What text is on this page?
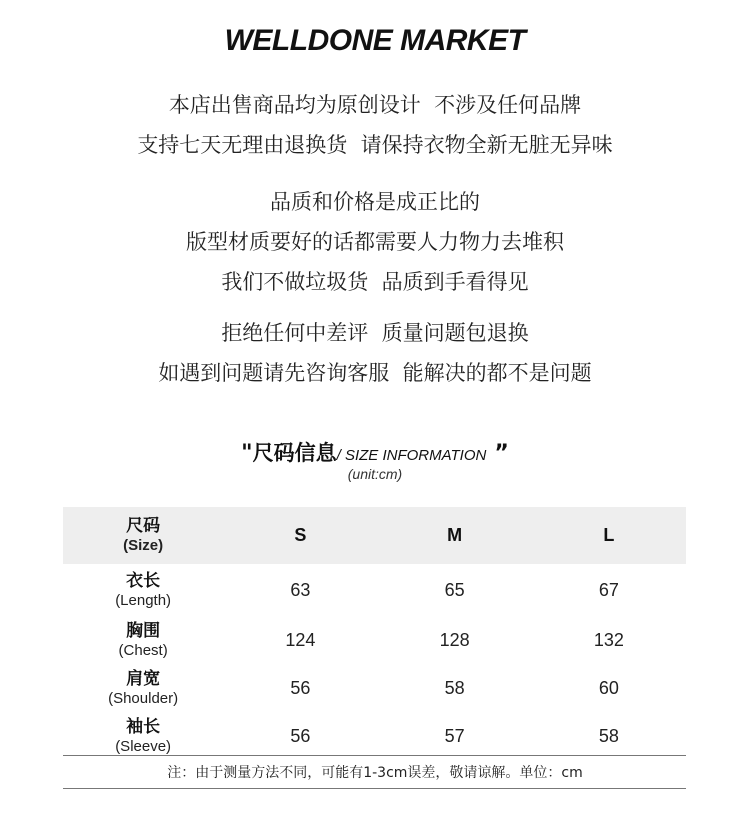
WELLDONE MARKET
本店出售商品均为原创设计  不涉及任何品牌
支持七天无理由退换货  请保持衣物全新无脏无异味
品质和价格是成正比的
版型材质要好的话都需要人力物力去堆积
我们不做垃圾货  品质到手看得见
拒绝任何中差评  质量问题包退换
如遇到问题请先咨询客服  能解决的都不是问题
"尺码信息/ SIZE INFORMATION ”
(unit:cm)
尺码
(Size)	S	M	L

衣长
(Length)	63	65	67

胸围
(Chest)	124	128	132

肩宽
(Shoulder)	56	58	60

袖长
(Sleeve)	56	57	58
注：由于测量方法不同，可能有1-3cm误差，敬请谅解。单位：cm
